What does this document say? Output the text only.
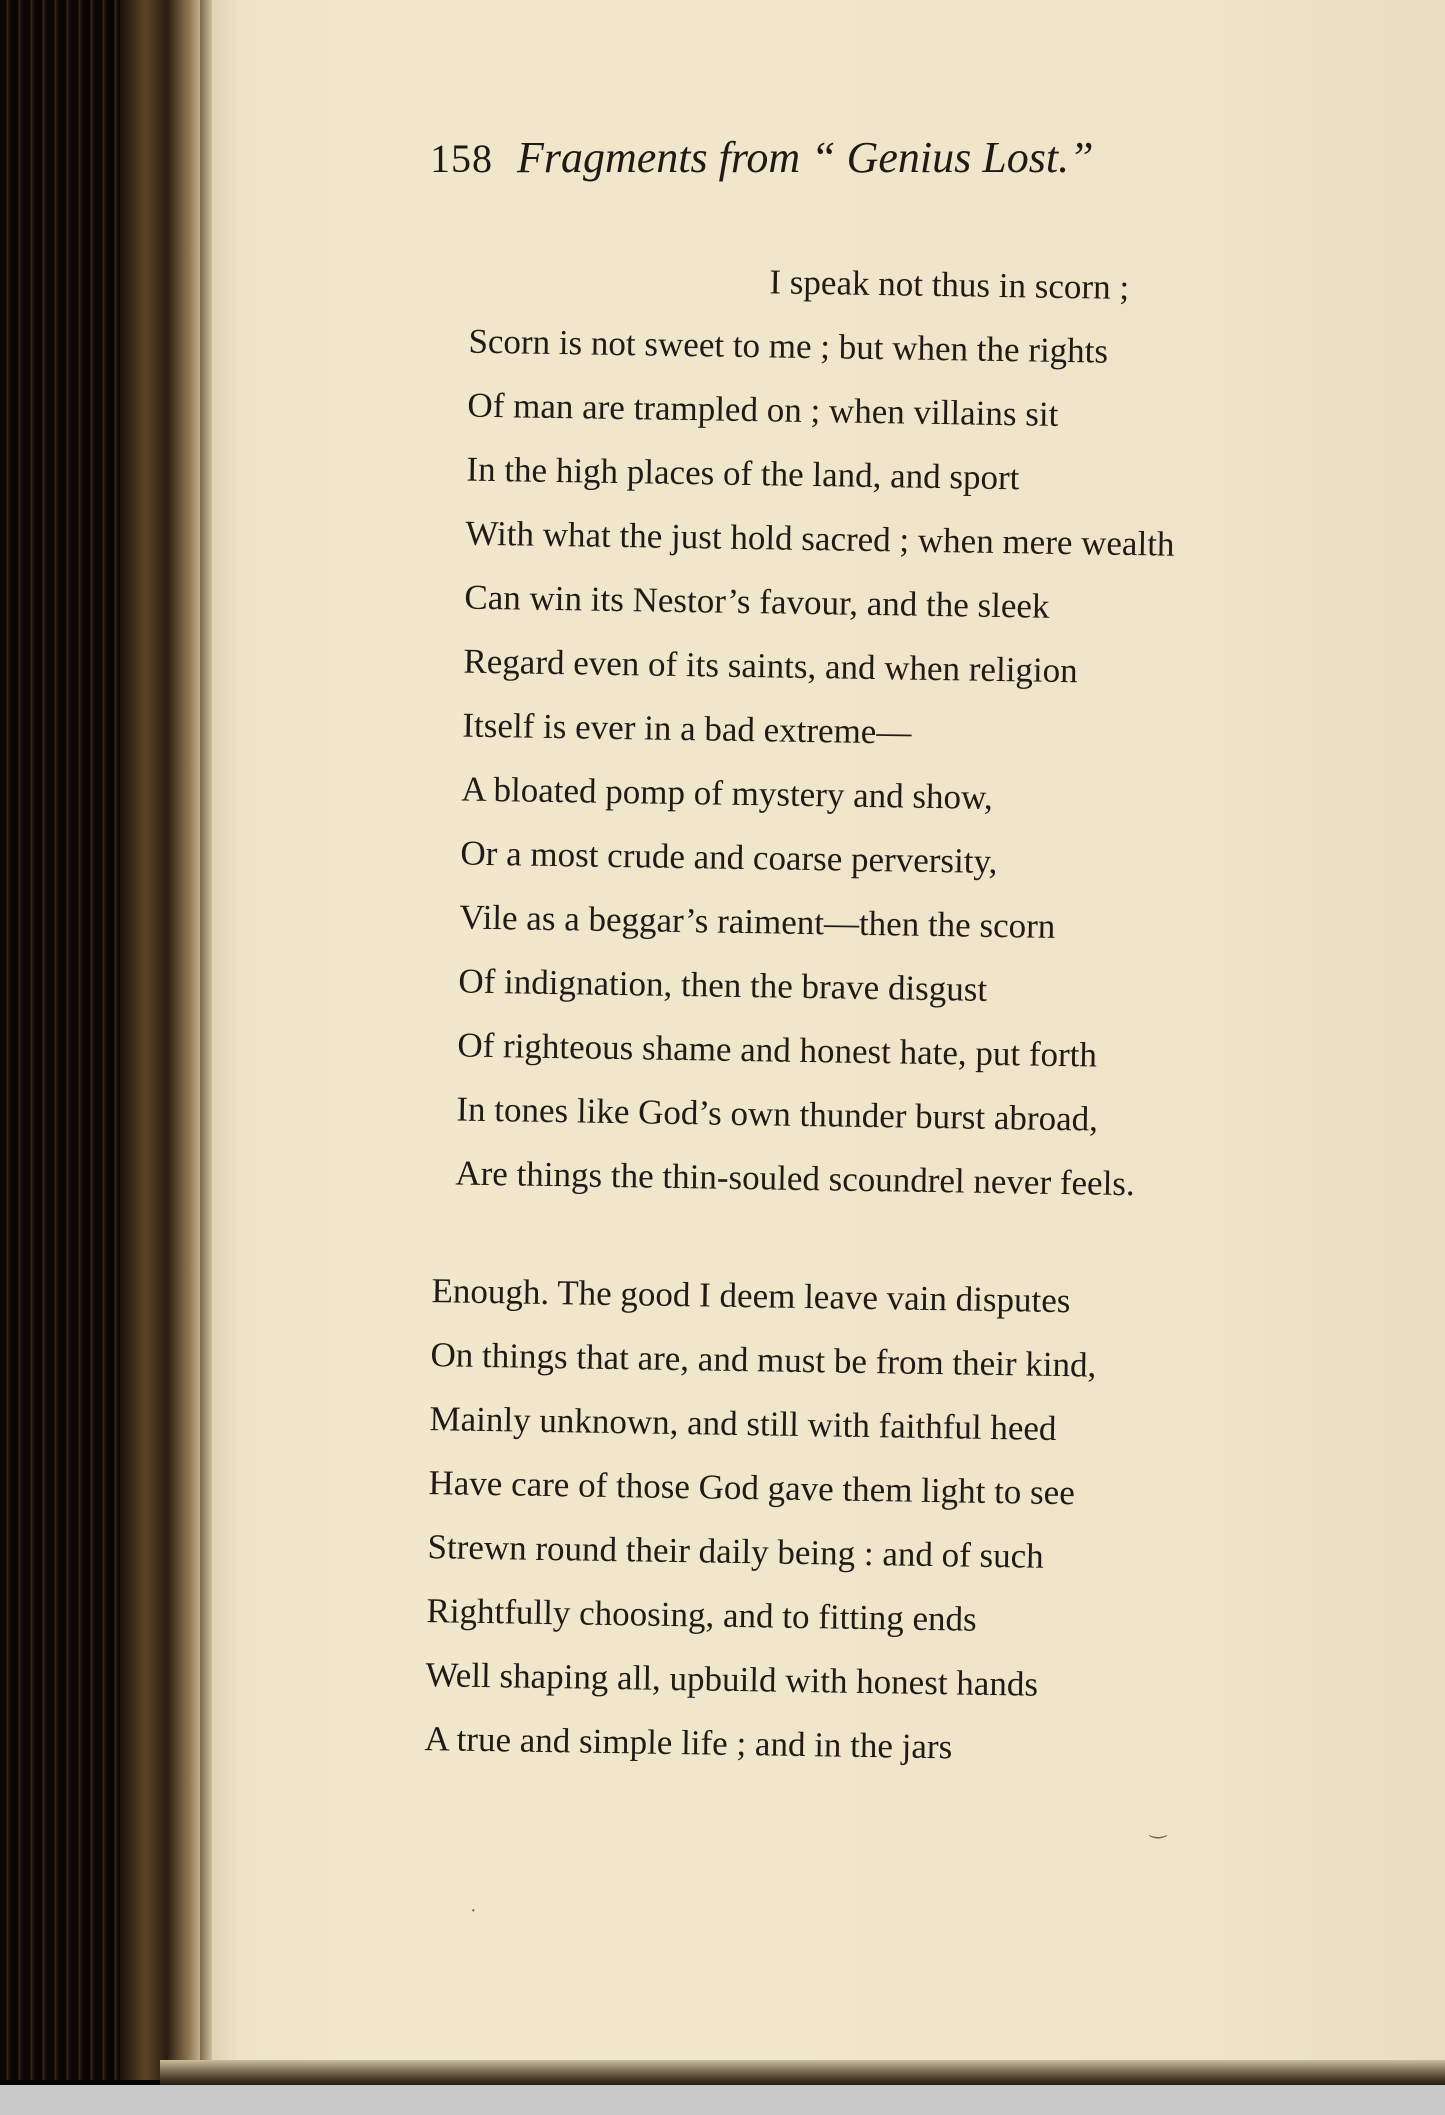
158 Fragments from “ Genius Lost.”
I speak not thus in scorn ;
Scorn is not sweet to me ; but when the rights
Of man are trampled on ; when villains sit
In the high places of the land, and sport
With what the just hold sacred ; when mere wealth
Can win its Nestor’s favour, and the sleek
Regard even of its saints, and when religion
Itself is ever in a bad extreme—
A bloated pomp of mystery and show,
Or a most crude and coarse perversity,
Vile as a beggar’s raiment—then the scorn
Of indignation, then the brave disgust
Of righteous shame and honest hate, put forth
In tones like God’s own thunder burst abroad,
Are things the thin-souled scoundrel never feels.
Enough. The good I deem leave vain disputes
On things that are, and must be from their kind,
Mainly unknown, and still with faithful heed
Have care of those God gave them light to see
Strewn round their daily being : and of such
Rightfully choosing, and to fitting ends
Well shaping all, upbuild with honest hands
A true and simple life ; and in the jars
‿
·
